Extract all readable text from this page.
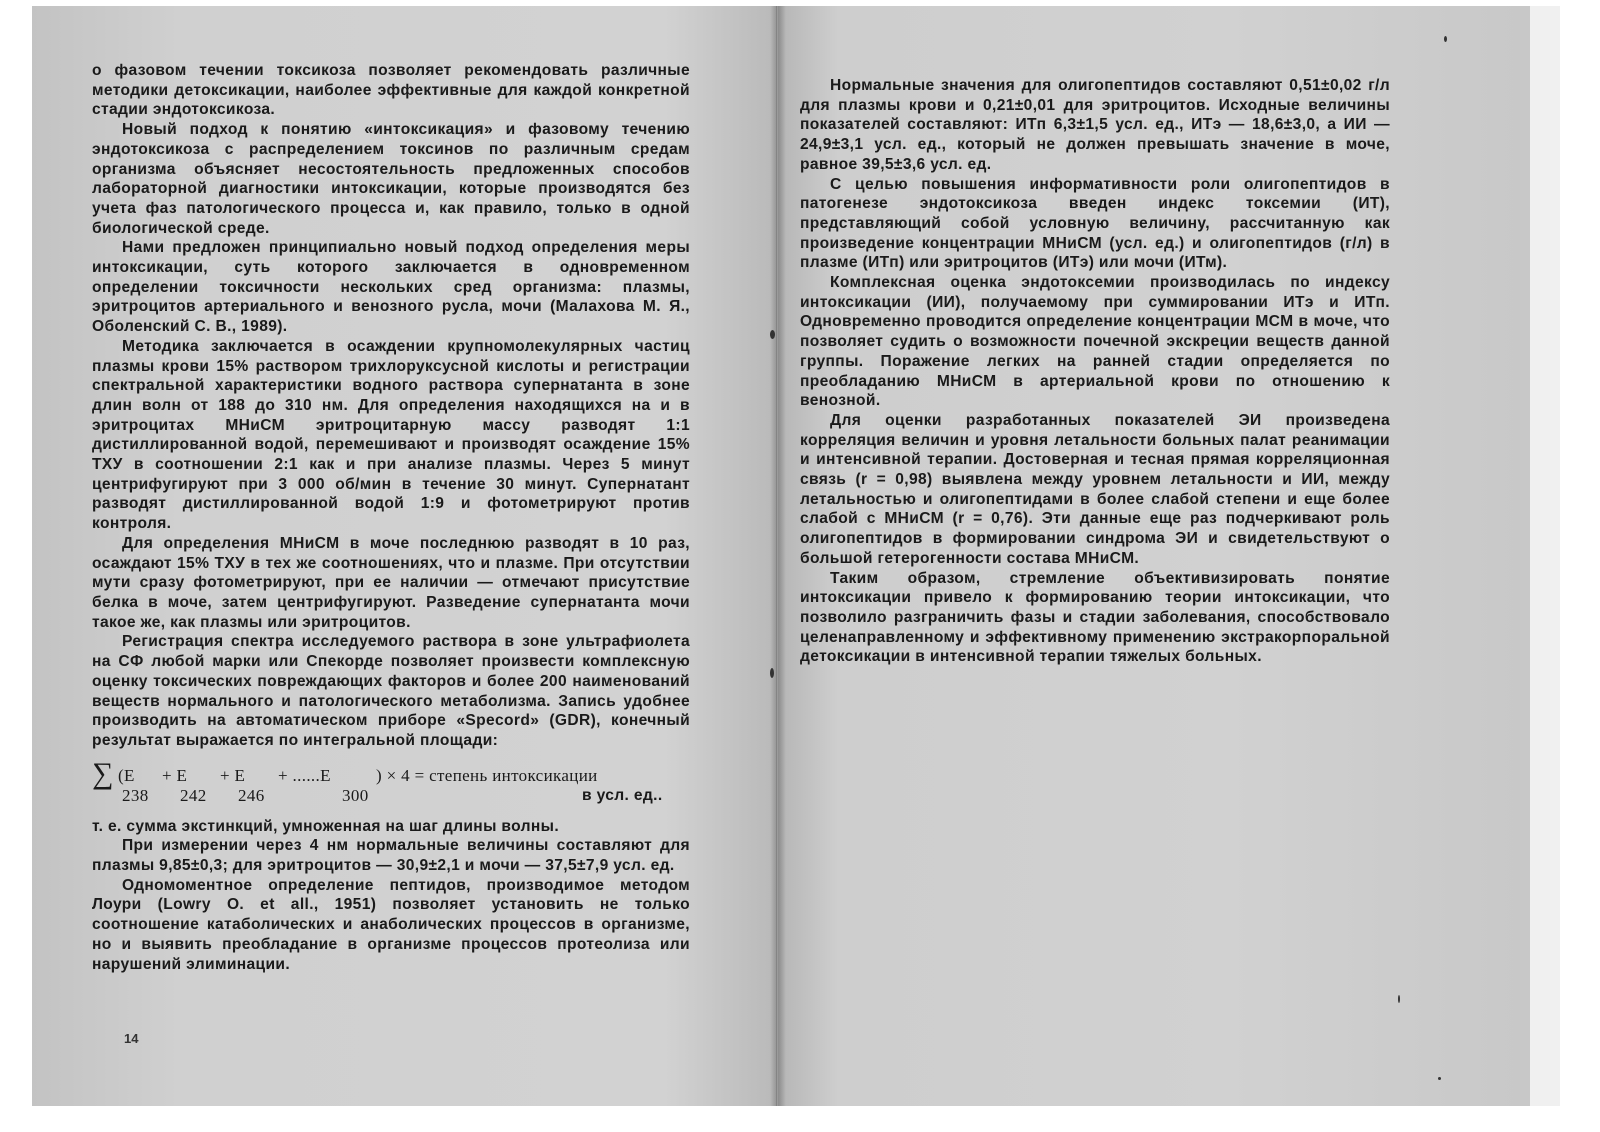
о фазовом течении токсикоза позволяет рекомендовать различные методики детоксикации, наиболее эффективные для каждой конкретной стадии эндотоксикоза.

Новый подход к понятию «интоксикация» и фазовому течению эндотоксикоза с распределением токсинов по различным средам организма объясняет несостоятельность предложенных способов лабораторной диагностики интоксикации, которые производятся без учета фаз патологического процесса и, как правило, только в одной биологической среде.

Нами предложен принципиально новый подход определения меры интоксикации, суть которого заключается в одновременном определении токсичности нескольких сред организма: плазмы, эритроцитов артериального и венозного русла, мочи (Малахова М. Я., Оболенский С. В., 1989).

Методика заключается в осаждении крупномолекулярных частиц плазмы крови 15% раствором трихлоруксусной кислоты и регистрации спектральной характеристики водного раствора супернатанта в зоне длин волн от 188 до 310 нм. Для определения находящихся на и в эритроцитах МНиСМ эритроцитарную массу разводят 1:1 дистиллированной водой, перемешивают и производят осаждение 15% ТХУ в соотношении 2:1 как и при анализе плазмы. Через 5 минут центрифугируют при 3 000 об/мин в течение 30 минут. Супернатант разводят дистиллированной водой 1:9 и фотометрируют против контроля.

Для определения МНиСМ в моче последнюю разводят в 10 раз, осаждают 15% ТХУ в тех же соотношениях, что и плазме. При отсутствии мути сразу фотометрируют, при ее наличии — отмечают присутствие белка в моче, затем центрифугируют. Разведение супернатанта мочи такое же, как плазмы или эритроцитов.

Регистрация спектра исследуемого раствора в зоне ультрафиолета на СФ любой марки или Спекорде позволяет произвести комплексную оценку токсических повреждающих факторов и более 200 наименований веществ нормального и патологического метаболизма. Запись удобнее производить на автоматическом приборе «Specord» (GDR), конечный результат выражается по интегральной площади:

∑ (E
238
+ E
242
+ E
246
+ ......E
300
) × 4 = степень интоксикации
в усл. ед..

т. е. сумма экстинкций, умноженная на шаг длины волны.

При измерении через 4 нм нормальные величины составляют для плазмы 9,85±0,3; для эритроцитов — 30,9±2,1 и мочи — 37,5±7,9 усл. ед.

Одномоментное определение пептидов, производимое методом Лоури (Lowry O. et all., 1951) позволяет установить не только соотношение катаболических и анаболических процессов в организме, но и выявить преобладание в организме процессов протеолиза или нарушений элиминации.

14

Нормальные значения для олигопептидов составляют 0,51±0,02 г/л для плазмы крови и 0,21±0,01 для эритроцитов. Исходные величины показателей составляют: ИТп 6,3±1,5 усл. ед., ИТэ — 18,6±3,0, а ИИ — 24,9±3,1 усл. ед., который не должен превышать значение в моче, равное 39,5±3,6 усл. ед.

С целью повышения информативности роли олигопептидов в патогенезе эндотоксикоза введен индекс токсемии (ИТ), представляющий собой условную величину, рассчитанную как произведение концентрации МНиСМ (усл. ед.) и олигопептидов (г/л) в плазме (ИТп) или эритроцитов (ИТэ) или мочи (ИТм).

Комплексная оценка эндотоксемии производилась по индексу интоксикации (ИИ), получаемому при суммировании ИТэ и ИТп. Одновременно проводится определение концентрации МСМ в моче, что позволяет судить о возможности почечной экскреции веществ данной группы. Поражение легких на ранней стадии определяется по преобладанию МНиСМ в артериальной крови по отношению к венозной.

Для оценки разработанных показателей ЭИ произведена корреляция величин и уровня летальности больных палат реанимации и интенсивной терапии. Достоверная и тесная прямая корреляционная связь (r = 0,98) выявлена между уровнем летальности и ИИ, между летальностью и олигопептидами в более слабой степени и еще более слабой с МНиСМ (r = 0,76). Эти данные еще раз подчеркивают роль олигопептидов в формировании синдрома ЭИ и свидетельствуют о большой гетерогенности состава МНиСМ.

Таким образом, стремление объективизировать понятие интоксикации привело к формированию теории интоксикации, что позволило разграничить фазы и стадии заболевания, способствовало целенаправленному и эффективному применению экстракорпоральной детоксикации в интенсивной терапии тяжелых больных.
